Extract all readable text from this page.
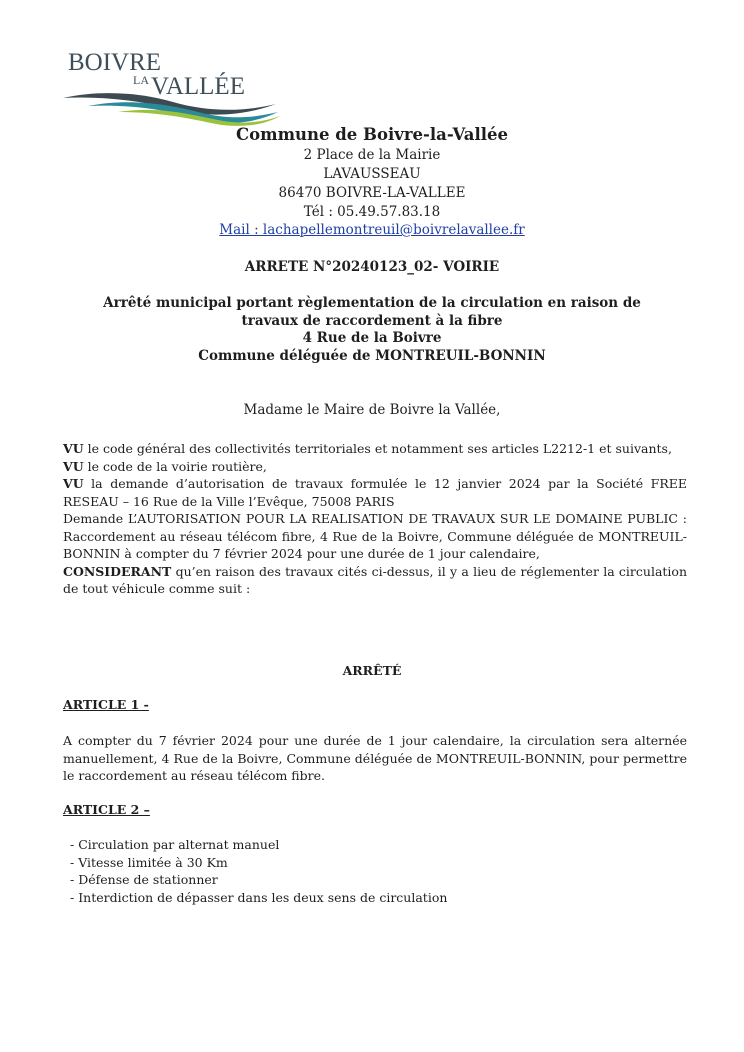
BOIVRE
LA VALLÉE
Commune de Boivre-la-Vallée
2 Place de la Mairie
LAVAUSSEAU
86470 BOIVRE-LA-VALLEE
Tél : 05.49.57.83.18
Mail : lachapellemontreuil@boivrelavallee.fr
ARRETE N°20240123_02- VOIRIE
Arrêté municipal portant règlementation de la circulation en raison de
travaux de raccordement à la fibre
4 Rue de la Boivre
Commune déléguée de MONTREUIL-BONNIN
Madame le Maire de Boivre la Vallée,

VU le code général des collectivités territoriales et notamment ses articles L2212-1 et suivants,

VU le code de la voirie routière,

VU la demande d’autorisation de travaux formulée le 12 janvier 2024 par la Société FREE RESEAU – 16 Rue de la Ville l’Evêque, 75008 PARIS

Demande L’AUTORISATION POUR LA REALISATION DE TRAVAUX SUR LE DOMAINE PUBLIC : Raccordement au réseau télécom fibre, 4 Rue de la Boivre, Commune déléguée de MONTREUIL-BONNIN à compter du 7 février 2024 pour une durée de 1 jour calendaire,

CONSIDERANT qu’en raison des travaux cités ci-dessus, il y a lieu de réglementer la circulation de tout véhicule comme suit :

ARRÊTÉ
ARTICLE 1 -

A compter du 7 février 2024 pour une durée de 1 jour calendaire, la circulation sera alternée manuellement, 4 Rue de la Boivre, Commune déléguée de MONTREUIL-BONNIN, pour permettre le raccordement au réseau télécom fibre.

ARTICLE 2 –
- Circulation par alternat manuel
- Vitesse limitée à 30 Km
- Défense de stationner
- Interdiction de dépasser dans les deux sens de circulation
